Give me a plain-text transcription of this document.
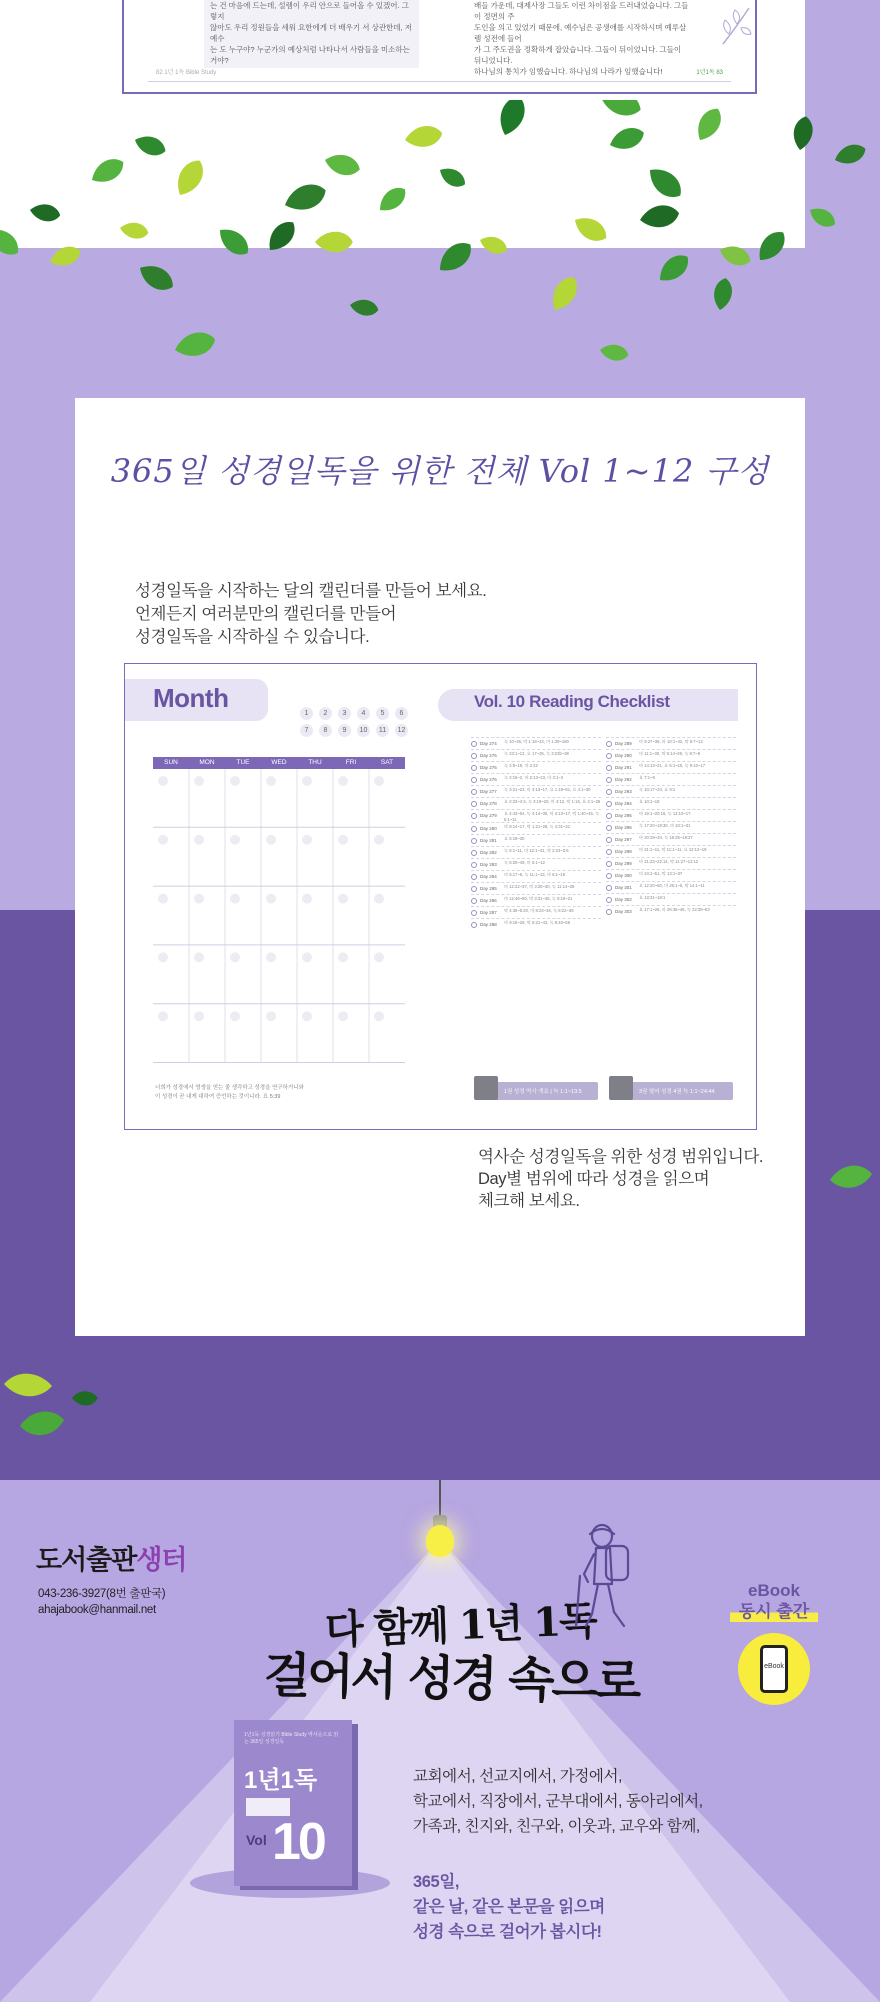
는 건 마음에 드는데, 설렘이 우리 안으로 들어올 수 있겠어. 그렇지
않아도 우리 정원들을 세워 요한에게 더 배우기 서 상관한데, 저 예수
는 도 누구야? 누군가의 예상처럼 나타나서 사람들을 미소하는 거야?
배들 가운데, 대제사장 그들도 이런 차이점을 드러내었습니다. 그들이 정면의 주
도인을 의고 있었기 때문에, 예수님은 공생애를 시작하시며 예루살렘 성전에 들어
가 그 주도권을 정확하게 잡았습니다. 그들이 뒤이었니다. 그들이 뒤니었니다.
하나님의 통치가 임했습니다. 하나님의 나라가 임했습니다!
82 1년 1독 Bible Study	1년1독 83
365일 성경일독을 위한 전체 Vol 1~12 구성
성경일독을 시작하는 달의 캘린더를 만들어 보세요.
언제든지 여러분만의 캘린더를 만들어
성경일독을 시작하실 수 있습니다.
Month
1	2	3	4	5	6
7	8	9	10	11	12
SUN	MON	TUE	WED	THU	FRI	SAT
너희가 성경에서 영생을 얻는 줄 생각하고 성경을 연구하거니와
이 성경이 곧 내게 대하여 증언하는 것이니라. 요 5:39
Vol. 10 Reading Checklist
Day 274	눅 10~36, 막 1:18~23, 마 1:39~180
Day 275	눅 23:1~12, 요 17~25, 눅 3:23b~38
Day 276	눅 2:8~18, 마 2:22
Day 276	눅 2:15~2, 마 2:13~23, 마 3:1~3
Day 277	눅 3:21~23, 마 3:13~17, 요 1:19~51, 요 4:1~30
Day 278	요 2:23~4:3, 눅 3:19~20, 마 4:12, 막 1:16, 요 4:1~26
Day 279	요 4:43~54, 눅 4:14~30, 마 4:13~17, 막 1:40~45, 눅 5:1~11
Day 280	마 8:14~17, 막 1:21~28, 눅 4:31~41
Day 281	요 5:19~30
Day 282	눅 6:1~11, 마 12:1~21, 막 2:23~3:6
Day 283	눅 6:20~49, 마 5:1~12
Day 284	마 5:17~6, 눅 11:1~13, 마 6:1~18
Day 285	마 12:22~37, 막 3:20~30, 눅 11:14~28
Day 286	마 12:46~50, 막 3:31~35, 눅 8:19~21
Day 287	막 4:35~5:20, 마 8:23~34, 눅 8:22~39
Day 288	마 9:18~26, 막 5:21~43, 눅 8:40~56
Day 289	마 9:27~38, 마 10:1~42, 막 6:7~13
Day 290	마 11:1~30, 막 6:14~29, 눅 9:7~9
Day 291	마 14:13~21, 요 6:1~15, 눅 9:10~17
Day 292	요 7:1~9
Day 293	눅 10:17~24, 요 9:1
Day 294	요 10:1~18
Day 295	마 19:1~20:16, 눅 13:10~17
Day 296	눅 17:20~18:30, 마 10:1~31
Day 297	마 20:29~34, 눅 18:35~19:27
Day 298	마 21:1~11, 막 11:1~11, 요 12:12~19
Day 299	마 21:23~22:14, 막 11:27~12:12
Day 300	마 24:1~51, 막 13:1~37
Day 301	요 12:20~50, 마 26:1~5, 막 14:1~11
Day 302	요 13:31~18:1
Day 303	요 17:1~26, 마 26:36~46, 눅 22:39~53
1권 성경 역사 개요 | 눅 1:1~13:5	3권 열어 성경 4권 눅 1:1~24:44
역사순 성경일독을 위한 성경 범위입니다.
Day별 범위에 따라 성경을 읽으며
체크해 보세요.
도서출판생터
043-236-3927(8번 출판국)
ahajabook@hanmail.net
eBook
동시 출간
eBook
다 함께 1년 1독
걸어서 성경 속으로
1년1독 성경읽기 Bible Study 역사순으로 읽는 365일 성경일독
1년1독
10
Vol
교회에서, 선교지에서, 가정에서,
학교에서, 직장에서, 군부대에서, 동아리에서,
가족과, 친지와, 친구와, 이웃과, 교우와 함께,
365일,
같은 날, 같은 본문을 읽으며
성경 속으로 걸어가 봅시다!
